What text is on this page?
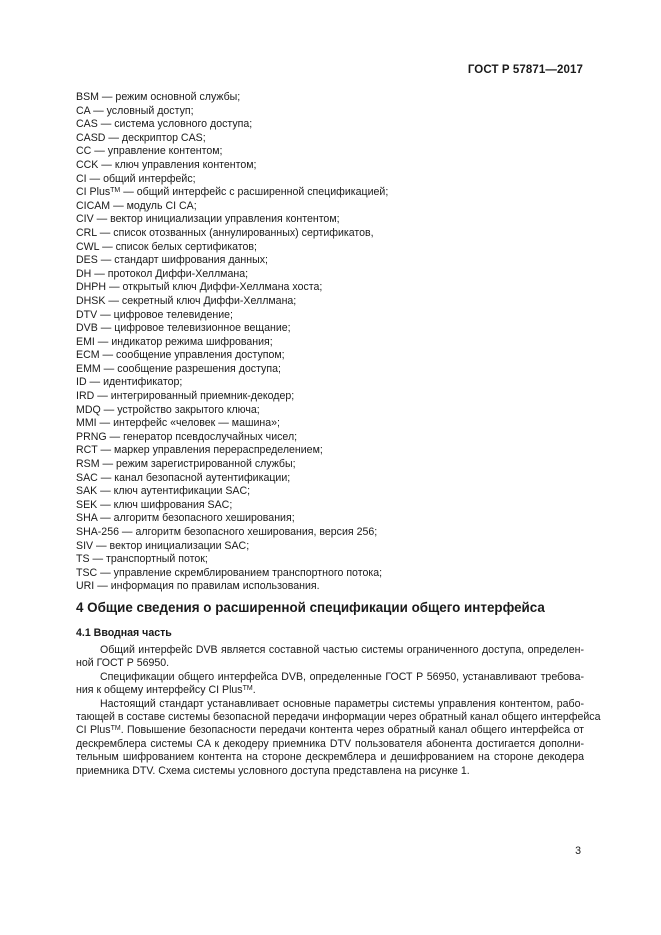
ГОСТ Р 57871—2017
BSM — режим основной службы;
CA — условный доступ;
CAS — система условного доступа;
CASD — дескриптор CAS;
CC — управление контентом;
CCK — ключ управления контентом;
CI — общий интерфейс;
CI Plus™ — общий интерфейс с расширенной спецификацией;
CICAM — модуль CI CA;
CIV — вектор инициализации управления контентом;
CRL — список отозванных (аннулированных) сертификатов,
CWL — список белых сертификатов;
DES — стандарт шифрования данных;
DH — протокол Диффи-Хеллмана;
DHPH — открытый ключ Диффи-Хеллмана хоста;
DHSK — секретный ключ Диффи-Хеллмана;
DTV — цифровое телевидение;
DVB — цифровое телевизионное вещание;
EMI — индикатор режима шифрования;
ECM — сообщение управления доступом;
EMM — сообщение разрешения доступа;
ID — идентификатор;
IRD — интегрированный приемник-декодер;
MDQ — устройство закрытого ключа;
MMI — интерфейс «человек — машина»;
PRNG — генератор псевдослучайных чисел;
RCT — маркер управления перераспределением;
RSM — режим зарегистрированной службы;
SAC — канал безопасной аутентификации;
SAK — ключ аутентификации SAC;
SEK — ключ шифрования SAC;
SHA — алгоритм безопасного хеширования;
SHA-256 — алгоритм безопасного хеширования, версия 256;
SIV — вектор инициализации SAC;
TS — транспортный поток;
TSC — управление скремблированием транспортного потока;
URI — информация по правилам использования.
4 Общие сведения о расширенной спецификации общего интерфейса
4.1 Вводная часть

Общий интерфейс DVB является составной частью системы ограниченного доступа, определен-
ной ГОСТ Р 56950.

Спецификации общего интерфейса DVB, определенные ГОСТ Р 56950, устанавливают требова-
ния к общему интерфейсу CI Plus™.

Настоящий стандарт устанавливает основные параметры системы управления контентом, рабо-
тающей в составе системы безопасной передачи информации через обратный канал общего интерфейса
CI Plus™. Повышение безопасности передачи контента через обратный канал общего интерфейса от
дескремблера системы CA к декодеру приемника DTV пользователя абонента достигается дополни-
тельным шифрованием контента на стороне дескремблера и дешифрованием на стороне декодера
приемника DTV. Схема системы условного доступа представлена на рисунке 1.

3
